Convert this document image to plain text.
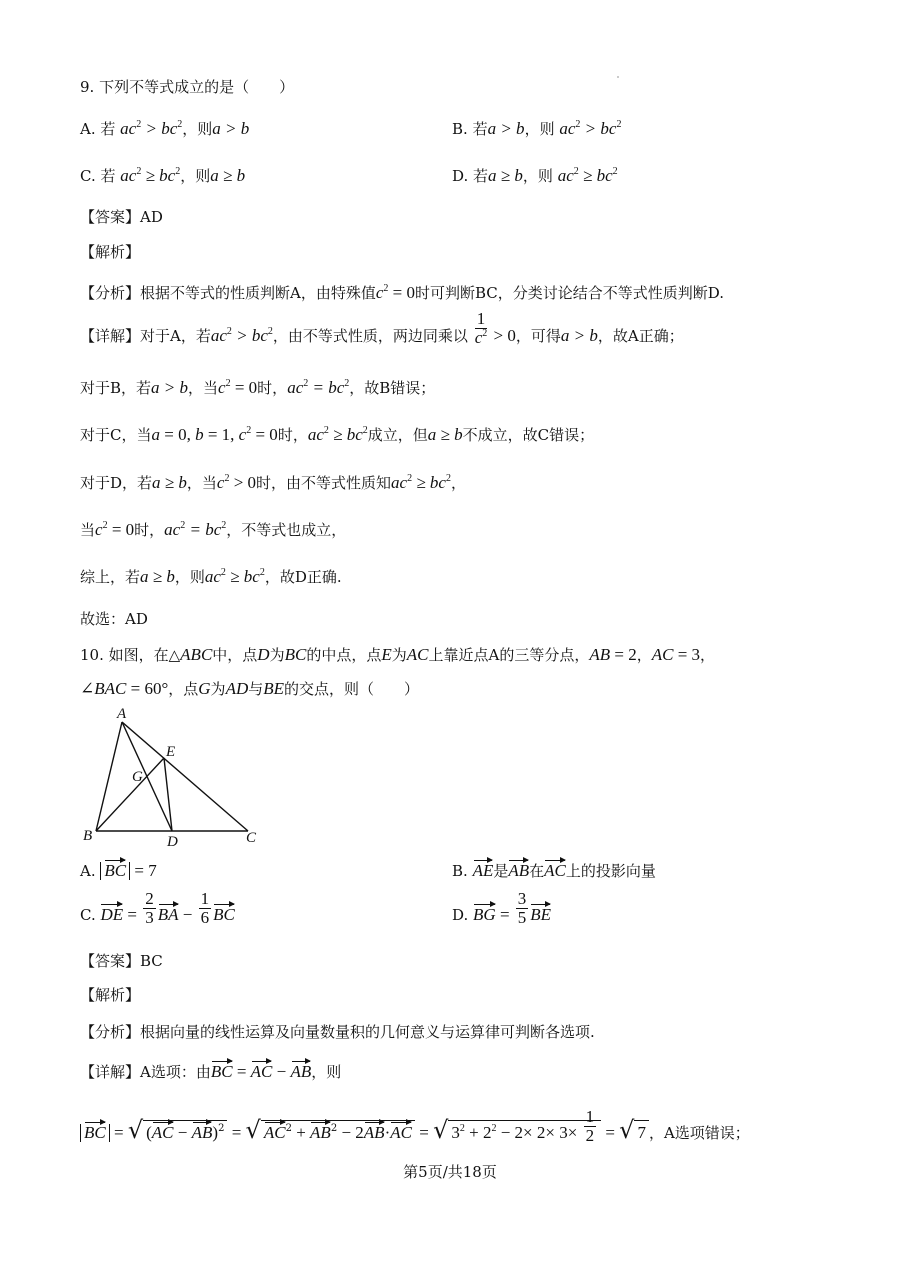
9. 下列不等式成立的是（　　）
A. 若 $ac^2 > bc^2$，则a > b	B. 若a > b，则 $ac^2 > bc^2$
C. 若 $ac^2 \ge bc^2$，则a ≥ b	D. 若a ≥ b，则 $ac^2 \ge bc^2$
【答案】AD
【解析】
【分析】根据不等式的性质判断A，由特殊值$c^2 = 0$时可判断BC，分类讨论结合不等式性质判断D.
【详解】对于A，若$ac^2 > bc^2$，由不等式性质，两边同乘以 $\frac{1}{c^2} > 0$，可得a > b，故A正确；
对于B，若a > b，当$c^2 = 0$时，$ac^2 = bc^2$，故B错误；
对于C，当a = 0, b = 1, $c^2 = 0$时，$ac^2 \ge bc^2$成立，但a ≥ b不成立，故C错误；
对于D，若a ≥ b，当$c^2 > 0$时，由不等式性质知$ac^2 \ge bc^2$，
当$c^2 = 0$时，$ac^2 = bc^2$，不等式也成立，
综上，若a ≥ b，则$ac^2 \ge bc^2$，故D正确.
故选：AD
10. 如图，在△ABC中，点D为BC的中点，点E为AC上靠近点A的三等分点，AB = 2，AC = 3，
∠BAC = 60°，点G为AD与BE的交点，则（　　）
A
E
G
B	D	C
A. BC = 7	B. AE是AB在AC上的投影向量
C. DE = $\frac{2}{3}$ BA − $\frac{1}{6}$ BC	D. BG = $\frac{3}{5}$ BE
【答案】BC
【解析】
【分析】根据向量的线性运算及向量数量积的几何意义与运算律可判断各选项.
【详解】A选项：由BC = AC − AB，则
BC = √ (AC − AB)$^2$ = √ $AC^2 + AB^2 - 2AB\cdot AC$ = √ $3^2 + 2^2 - 2\times 2\times 3\times \frac{1}{2}$ = √ 7 ，A选项错误；
第5页/共18页
